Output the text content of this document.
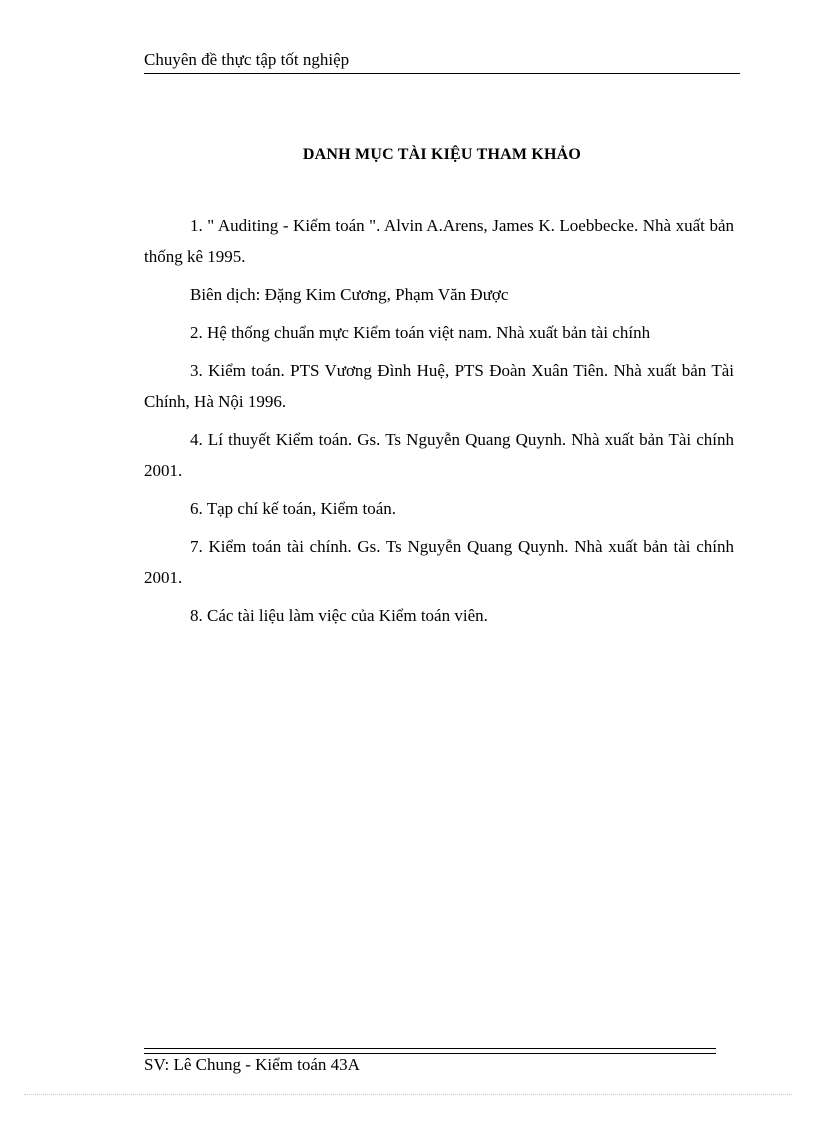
Chuyên đề thực tập tốt nghiệp
DANH MỤC TÀI KIỆU THAM KHẢO

1. " Auditing - Kiểm toán ". Alvin A.Arens, James K. Loebbecke. Nhà xuất bản thống kê 1995.

Biên dịch: Đặng Kim Cương, Phạm Văn Được

2. Hệ thống chuẩn mực Kiểm toán việt nam. Nhà xuất bản tài chính

3. Kiểm toán. PTS Vương Đình Huệ, PTS Đoàn Xuân Tiên. Nhà xuất bản Tài Chính, Hà Nội 1996.

4. Lí thuyết Kiểm toán. Gs. Ts Nguyễn Quang Quynh. Nhà xuất bản Tài chính 2001.

6. Tạp chí kế toán, Kiểm toán.

7. Kiểm toán tài chính. Gs. Ts Nguyễn Quang Quynh. Nhà xuất bản tài chính 2001.

8. Các tài liệu làm việc của Kiểm toán viên.

SV: Lê Chung - Kiểm toán 43A
